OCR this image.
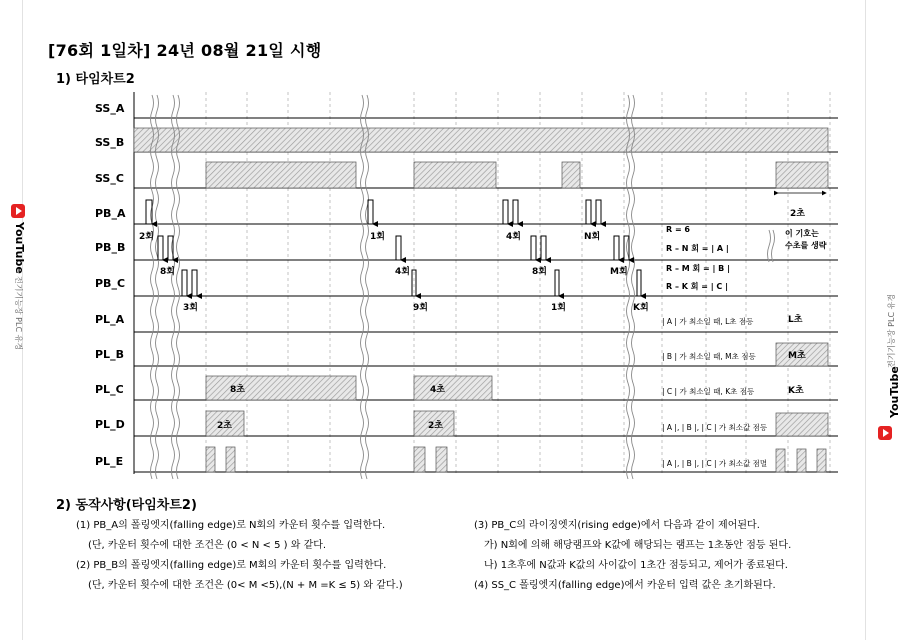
[76회 1일차] 24년 08월 21일 시행
1) 타임차트2
YouTube
전기기능장 PLC 유경	전기기능장 PLC 유경
YouTube
SS_A
SS_B
SS_C
PB_A
PB_B
PB_C
PL_A
PL_B
PL_C
PL_D
PL_E
2초
2회	1회	4회	N회
8회	4회	8회	M회
3회	9회	1회	K회
R = 6
R – N 회 = | A |
R – M 회 = | B |
R – K 회 = | C |
이 기호는
수초를 생략
| A | 가 최소일 때, L초 점등
| B | 가 최소일 때, M초 점등
| C | 가 최소일 때, K초 점등
| A |, | B |, | C | 가 최소값 점등
| A |, | B |, | C | 가 최소값 점멸
L초
M초
8초	4초	K초
2초	2초
2) 동작사항(타임차트2)
(1) PB_A의 폴링엣지(falling edge)로 N회의 카운터 횟수를 입력한다.
(단, 카운터 횟수에 대한 조건은 (0 < N < 5 ) 와 같다.
(2) PB_B의 폴링엣지(falling edge)로 M회의 카운터 횟수를 입력한다.
(단, 카운터 횟수에 대한 조건은 (0< M <5),(N + M =K ≤ 5) 와 같다.)
(3) PB_C의 라이징엣지(rising edge)에서 다음과 같이 제어된다.
가) N회에 의해 해당램프와 K값에 해당되는 램프는 1초동안 점등 된다.
나) 1초후에 N값과 K값의 사이값이 1초간 점등되고, 제어가 종료된다.
(4) SS_C 폴링엣지(falling edge)에서 카운터 입력 값은 초기화된다.
